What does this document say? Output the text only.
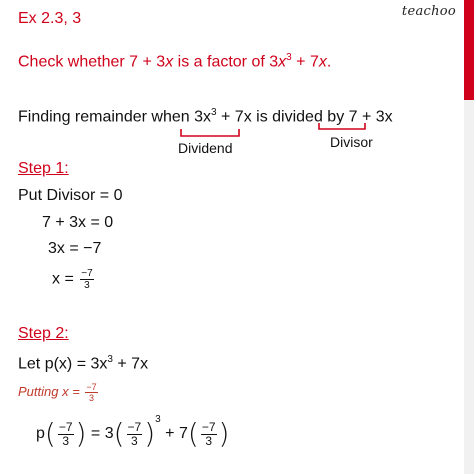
teachoo
Ex 2.3, 3
Check whether 7 + 3x is a factor of $3x^3 + 7x$.
Finding remainder when $3x^3 + 7x$ is divided by 7 + 3x
Dividend	Divisor
Step 1:
Put Divisor = 0
7 + 3x = 0
3x = −7
$x = \frac{-7}{3}$
Step 2:
Let $p(x) = 3x^3 + 7x$
Putting $x = \frac{-7}{3}$
$p( \frac{-7}{3}$ ) = $3( \frac{-7}{3} )^3 + 7( \frac{-7}{3}$ )
